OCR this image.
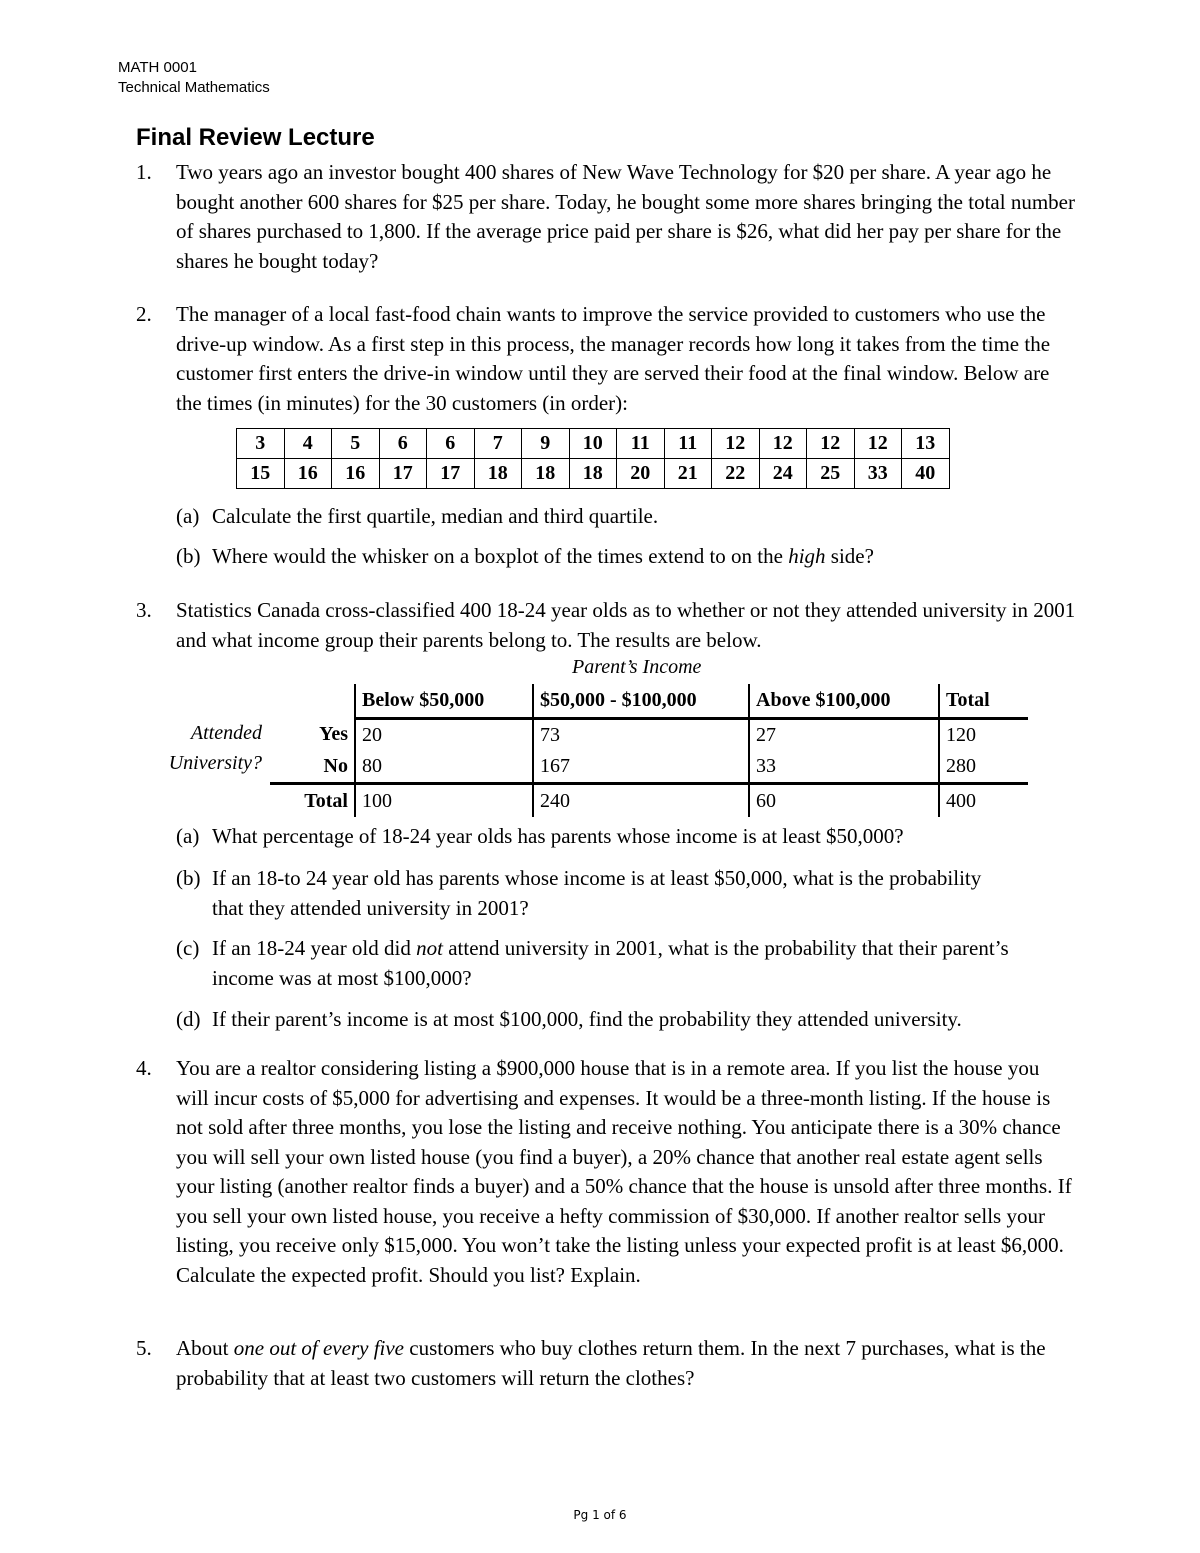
MATH 0001
Technical Mathematics
Final Review Lecture
1. Two years ago an investor bought 400 shares of New Wave Technology for $20 per share. A year ago he bought another 600 shares for $25 per share. Today, he bought some more shares bringing the total number of shares purchased to 1,800. If the average price paid per share is $26, what did her pay per share for the shares he bought today?

2. The manager of a local fast-food chain wants to improve the service provided to customers who use the drive-up window. As a first step in this process, the manager records how long it takes from the time the customer first enters the drive-in window until they are served their food at the final window. Below are the times (in minutes) for the 30 customers (in order):

3	4	5	6	6	7	9	10	11	11	12	12	12	12	13
15	16	16	17	17	18	18	18	20	21	22	24	25	33	40
(a) Calculate the first quartile, median and third quartile.

(b) Where would the whisker on a boxplot of the times extend to on the high side?

3. Statistics Canada cross-classified 400 18-24 year olds as to whether or not they attended university in 2001 and what income group their parents belong to. The results are below.

Parent’s Income
Attended
University?
	Below $50,000	$50,000 - $100,000	Above $100,000	Total
Yes	20	73	27	120
No	80	167	33	280
Total	100	240	60	400
(a) What percentage of 18-24 year olds has parents whose income is at least $50,000?

(b) If an 18-to 24 year old has parents whose income is at least $50,000, what is the probability that they attended university in 2001?

(c) If an 18-24 year old did not attend university in 2001, what is the probability that their parent’s income was at most $100,000?

(d) If their parent’s income is at most $100,000, find the probability they attended university.

4. You are a realtor considering listing a $900,000 house that is in a remote area. If you list the house you will incur costs of $5,000 for advertising and expenses. It would be a three-month listing. If the house is not sold after three months, you lose the listing and receive nothing. You anticipate there is a 30% chance you will sell your own listed house (you find a buyer), a 20% chance that another real estate agent sells your listing (another realtor finds a buyer) and a 50% chance that the house is unsold after three months. If you sell your own listed house, you receive a hefty commission of $30,000. If another realtor sells your listing, you receive only $15,000. You won’t take the listing unless your expected profit is at least $6,000. Calculate the expected profit. Should you list? Explain.

5. About one out of every five customers who buy clothes return them. In the next 7 purchases, what is the probability that at least two customers will return the clothes?

Pg 1 of 6
